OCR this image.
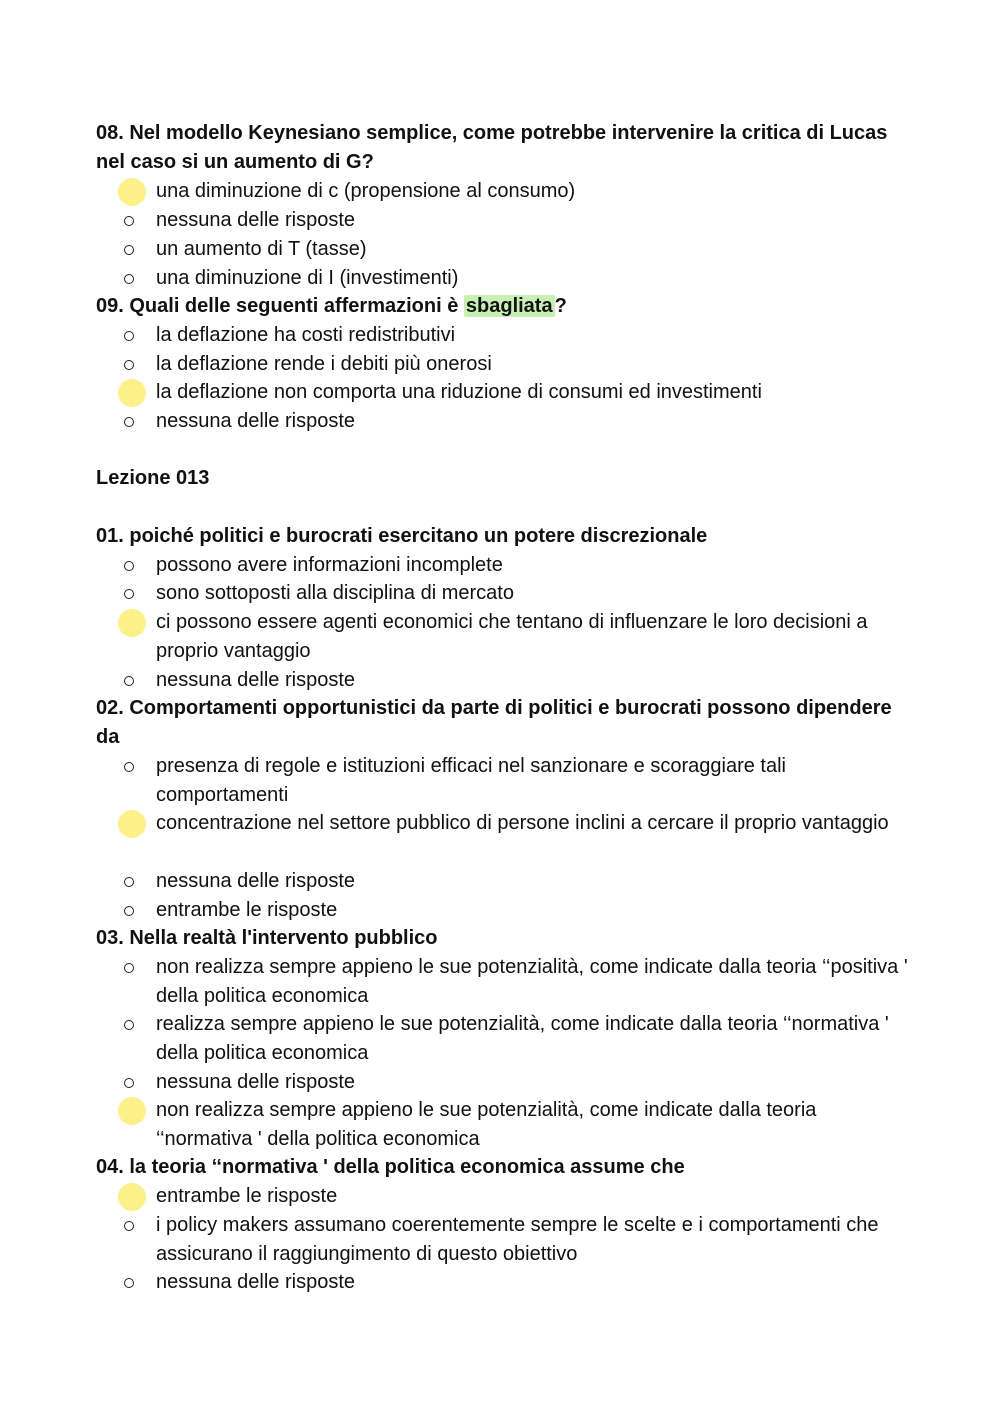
08. Nel modello Keynesiano semplice, come potrebbe intervenire la critica di Lucas nel caso si un aumento di G?

una diminuzione di c (propensione al consumo)
nessuna delle risposte
un aumento di T (tasse)
una diminuzione di I (investimenti)

09. Quali delle seguenti affermazioni è sbagliata ?

la deflazione ha costi redistributivi
la deflazione rende i debiti più onerosi
la deflazione non comporta una riduzione di consumi ed investimenti
nessuna delle risposte

Lezione 013

01. poiché politici e burocrati esercitano un potere discrezionale

possono avere informazioni incomplete
sono sottoposti alla disciplina di mercato
ci possono essere agenti economici che tentano di influenzare le loro decisioni a proprio vantaggio
nessuna delle risposte

02. Comportamenti opportunistici da parte di politici e burocrati possono dipendere da

presenza di regole e istituzioni efficaci nel sanzionare e scoraggiare tali comportamenti
concentrazione nel settore pubblico di persone inclini a cercare il proprio vantaggio
nessuna delle risposte
entrambe le risposte

03. Nella realtà l'intervento pubblico

non realizza sempre appieno le sue potenzialità, come indicate dalla teoria ‘‘positiva ' della politica economica
realizza sempre appieno le sue potenzialità, come indicate dalla teoria ‘‘normativa ' della politica economica
nessuna delle risposte
non realizza sempre appieno le sue potenzialità, come indicate dalla teoria ‘‘normativa ' della politica economica

04. la teoria ‘‘normativa ' della politica economica assume che

entrambe le risposte
i policy makers assumano coerentemente sempre le scelte e i comportamenti che assicurano il raggiungimento di questo obiettivo
nessuna delle risposte
